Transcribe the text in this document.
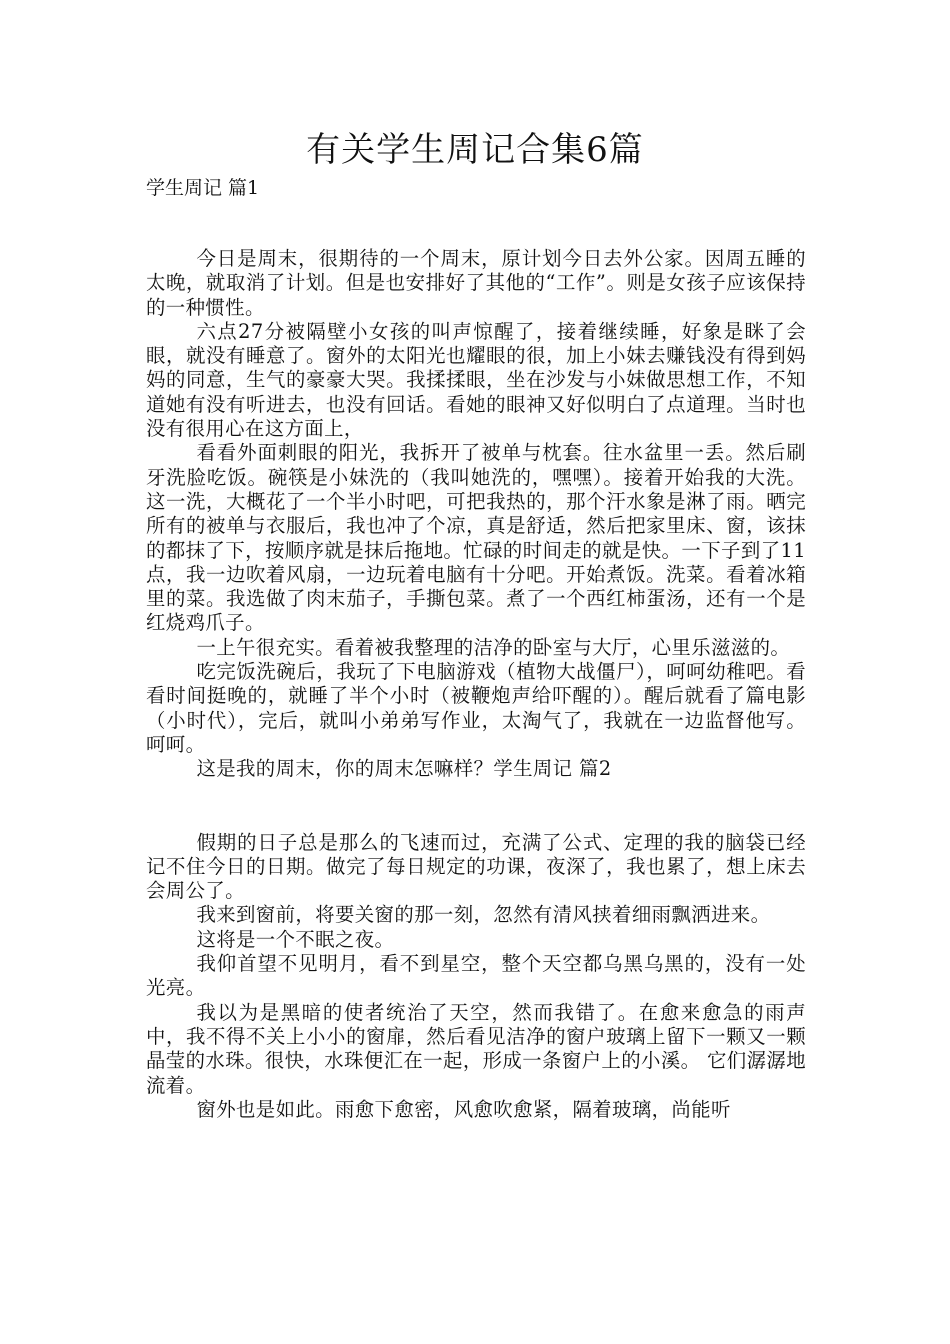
有关学生周记合集6篇
学生周记 篇1

今日是周末，很期待的一个周末，原计划今日去外公家。因周五睡的太晚，就取消了计划。但是也安排好了其他的“工作”。则是女孩子应该保持的一种惯性。

六点27分被隔壁小女孩的叫声惊醒了，接着继续睡，好象是眯了会眼，就没有睡意了。窗外的太阳光也耀眼的很，加上小妹去赚钱没有得到妈妈的同意，生气的豪豪大哭。我揉揉眼，坐在沙发与小妹做思想工作，不知道她有没有听进去，也没有回话。看她的眼神又好似明白了点道理。当时也没有很用心在这方面上，

看看外面刺眼的阳光，我拆开了被单与枕套。往水盆里一丢。然后刷牙洗脸吃饭。碗筷是小妹洗的（我叫她洗的，嘿嘿）。接着开始我的大洗。这一洗，大概花了一个半小时吧，可把我热的，那个汗水象是淋了雨。晒完所有的被单与衣服后，我也冲了个凉，真是舒适，然后把家里床、窗，该抹的都抹了下，按顺序就是抹后拖地。忙碌的时间走的就是快。一下子到了11点，我一边吹着风扇，一边玩着电脑有十分吧。开始煮饭。洗菜。看着冰箱里的菜。我选做了肉末茄子，手撕包菜。煮了一个西红柿蛋汤，还有一个是红烧鸡爪子。

一上午很充实。看着被我整理的洁净的卧室与大厅，心里乐滋滋的。

吃完饭洗碗后，我玩了下电脑游戏（植物大战僵尸），呵呵幼稚吧。看看时间挺晚的，就睡了半个小时（被鞭炮声给吓醒的）。醒后就看了篇电影（小时代），完后，就叫小弟弟写作业，太淘气了，我就在一边监督他写。呵呵。

这是我的周末，你的周末怎嘛样？学生周记 篇2

假期的日子总是那么的飞速而过，充满了公式、定理的我的脑袋已经记不住今日的日期。做完了每日规定的功课，夜深了，我也累了，想上床去会周公了。

我来到窗前，将要关窗的那一刻，忽然有清风挟着细雨飘洒进来。

这将是一个不眠之夜。

我仰首望不见明月，看不到星空，整个天空都乌黑乌黑的，没有一处光亮。

我以为是黑暗的使者统治了天空，然而我错了。在愈来愈急的雨声中，我不得不关上小小的窗扉，然后看见洁净的窗户玻璃上留下一颗又一颗晶莹的水珠。很快，水珠便汇在一起，形成一条窗户上的小溪。 它们潺潺地流着。

窗外也是如此。雨愈下愈密，风愈吹愈紧，隔着玻璃，尚能听
